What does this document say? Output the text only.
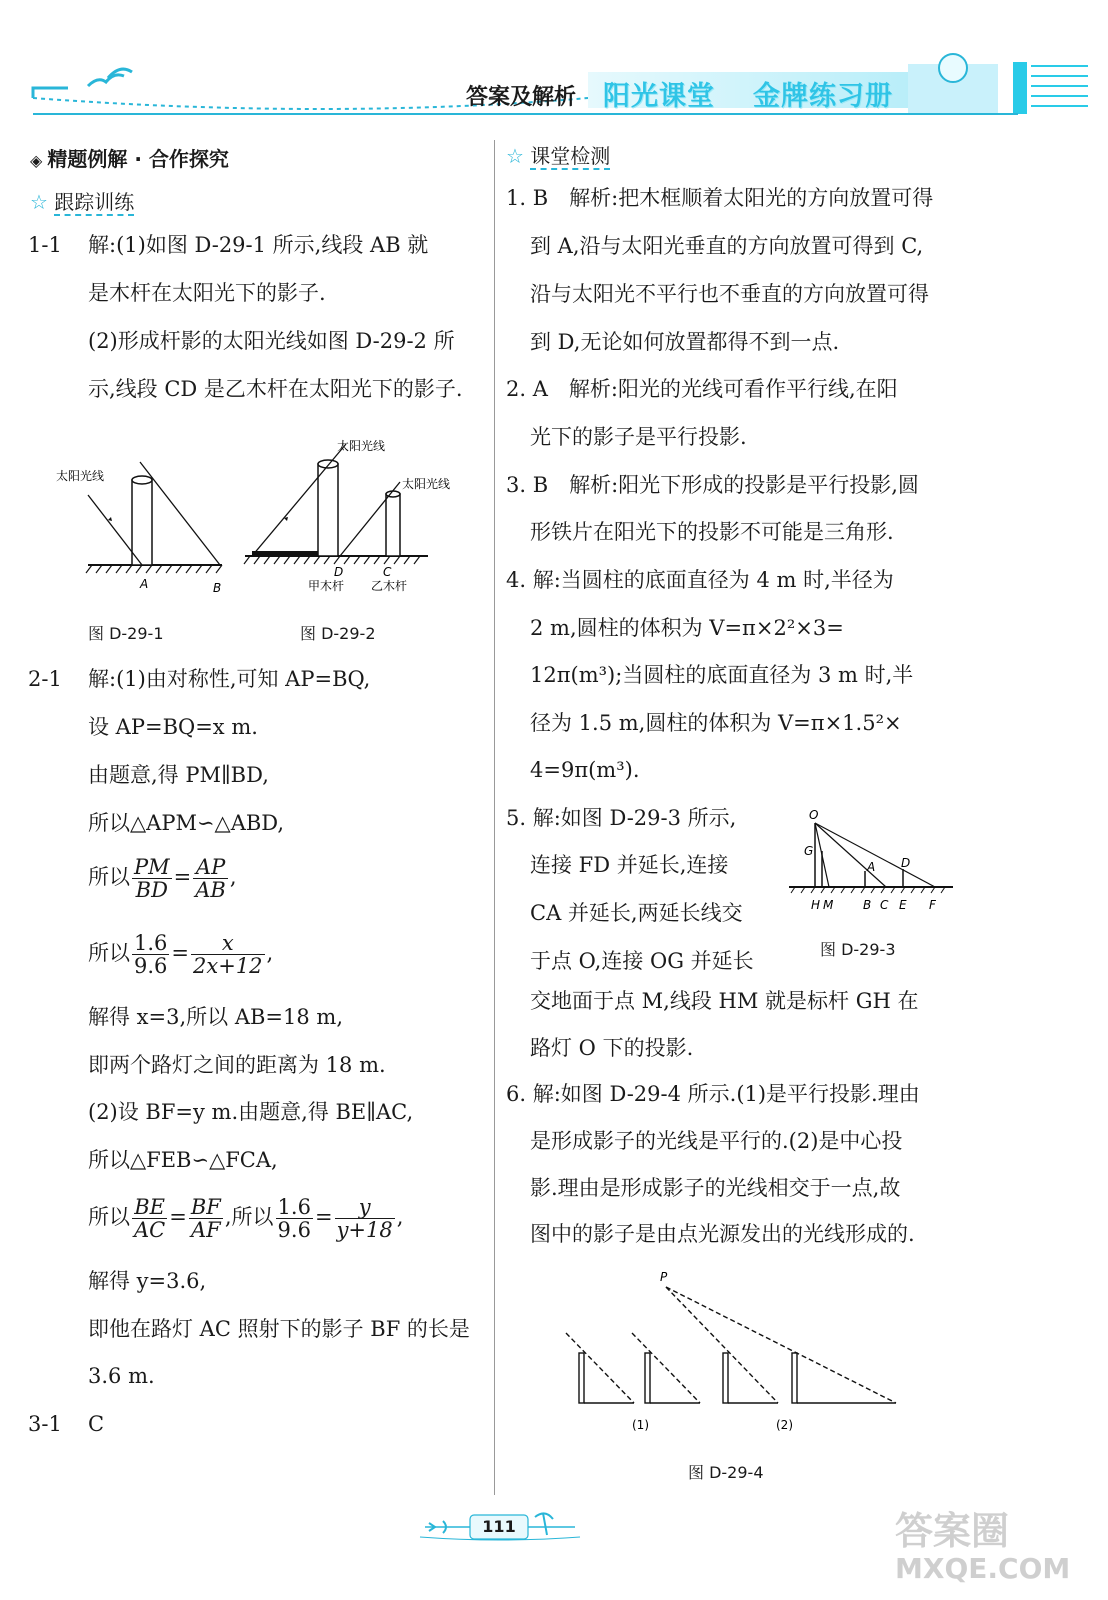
答案及解析 阳光课堂 金牌练习册
◈ 精题例解 · 合作探究
☆ 跟踪训练
1-1 解:(1)如图 D-29-1 所示,线段 AB 就
是木杆在太阳光下的影子.
(2)形成杆影的太阳光线如图 D-29-2 所
示,线段 CD 是乙木杆在太阳光下的影子.
太阳光线
A	B
图 D-29-1
太阳光线
太阳光线
D	C
甲木杆 乙木杆
图 D-29-2
2-1 解:(1)由对称性,可知 AP=BQ,
设 AP=BQ=x m.
由题意,得 PM∥BD,
所以△APM∽△ABD,
所以 $\frac{PM}{BD} = \frac{AP}{AB}$ ,
所以 $\frac{1.6}{9.6} = \frac{x}{2x+12}$ ,
解得 x=3,所以 AB=18 m,
即两个路灯之间的距离为 18 m.
(2)设 BF=y m.由题意,得 BE∥AC,
所以△FEB∽△FCA,
所以 $\frac{BE}{AC} = \frac{BF}{AF}$ ,所以 $\frac{1.6}{9.6} = \frac{y}{y+18}$ ,
解得 y=3.6,
即他在路灯 AC 照射下的影子 BF 的长是
3.6 m.
3-1 C
☆ 课堂检测
1. B　解析:把木框顺着太阳光的方向放置可得
到 A,沿与太阳光垂直的方向放置可得到 C,
沿与太阳光不平行也不垂直的方向放置可得
到 D,无论如何放置都得不到一点.
2. A　解析:阳光的光线可看作平行线,在阳
光下的影子是平行投影.
3. B　解析:阳光下形成的投影是平行投影,圆
形铁片在阳光下的投影不可能是三角形.
4. 解:当圆柱的底面直径为 4 m 时,半径为
2 m,圆柱的体积为 V=π×2²×3=
12π(m³);当圆柱的底面直径为 3 m 时,半
径为 1.5 m,圆柱的体积为 V=π×1.5²×
4=9π(m³).
5. 解:如图 D-29-3 所示,
连接 FD 并延长,连接
CA 并延长,两延长线交
于点 O,连接 OG 并延长
交地面于点 M,线段 HM 就是标杆 GH 在
路灯 O 下的投影.
O
G
A D
H M B C E F
图 D-29-3
6. 解:如图 D-29-4 所示.(1)是平行投影.理由
是形成影子的光线是平行的.(2)是中心投
影.理由是形成影子的光线相交于一点,故
图中的影子是由点光源发出的光线形成的.
P
(1)	(2)
图 D-29-4
111	答案圈
MXQE.COM
